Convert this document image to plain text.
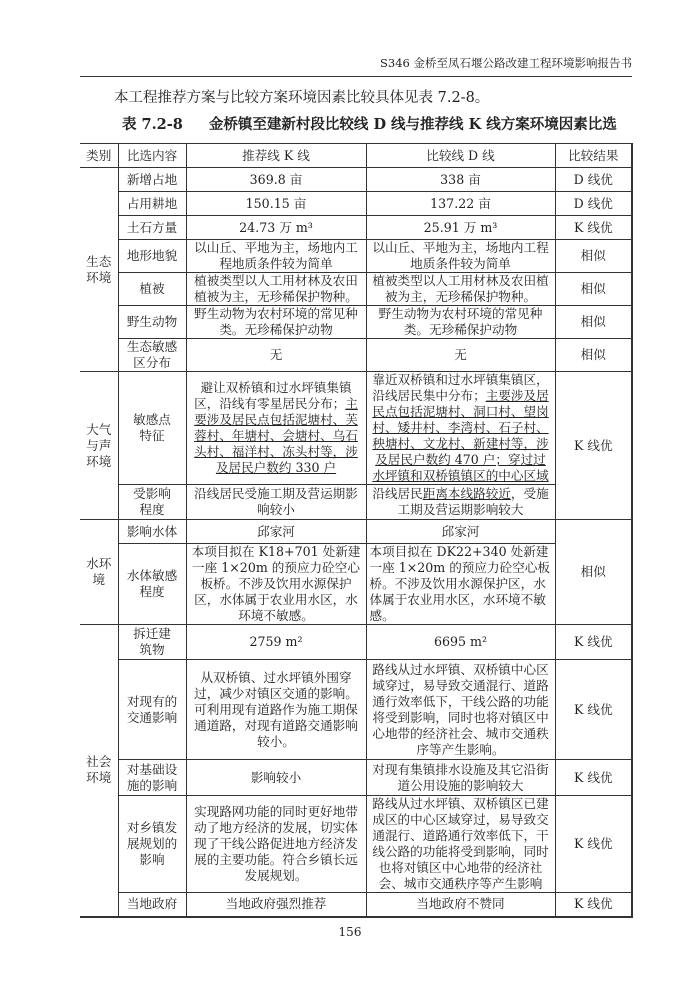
S346 金桥至凤石堰公路改建工程环境影响报告书
本工程推荐方案与比较方案环境因素比较具体见表 7.2-8。
表 7.2-8 金桥镇至建新村段比较线 D 线与推荐线 K 线方案环境因素比选
类别	比选内容	推荐线 K 线	比较线 D 线	比较结果
生态环境	新增占地	369.8 亩	338 亩	D 线优
	占用耕地	150.15 亩	137.22 亩	D 线优
	土石方量	24.73 万 m³	25.91 万 m³	K 线优
	地形地貌	以山丘、平地为主，场地内工程地质条件较为简单	以山丘、平地为主，场地内工程地质条件较为简单	相似
	植被	植被类型以人工用材林及农田植被为主，无珍稀保护物种。	植被类型以人工用材林及农田植被为主，无珍稀保护物种。	相似
	野生动物	野生动物为农村环境的常见种类。无珍稀保护动物	野生动物为农村环境的常见种类。无珍稀保护动物	相似
	生态敏感区分布	无	无	相似
大气与声环境	敏感点特征	避让双桥镇和过水坪镇集镇区，沿线有零星居民分布；主要涉及居民点包括泥塘村、芙蓉村、年塘村、会塘村、乌石头村、福洋村、冻头村等，涉及居民户数约 330 户	靠近双桥镇和过水坪镇集镇区，沿线居民集中分布；主要涉及居民点包括泥塘村、洞口村、望岗村、矮井村、李湾村、石子村、秧塘村、文龙村、新建村等，涉及居民户数约 470 户；穿过过水坪镇和双桥镇镇区的中心区域	K 线优
	受影响程度	沿线居民受施工期及营运期影响较小	沿线居民距离本线路较近，受施工期及营运期影响较大	
水环境	影响水体	邱家河	邱家河	相似
	水体敏感程度	本项目拟在 K18+701 处新建一座 1×20m 的预应力砼空心板桥。不涉及饮用水源保护区，水体属于农业用水区，水环境不敏感。	本项目拟在 DK22+340 处新建一座 1×20m 的预应力砼空心板桥。不涉及饮用水源保护区，水体属于农业用水区，水环境不敏感。	
社会环境	拆迁建筑物	2759 m²	6695 m²	K 线优
	对现有的交通影响	从双桥镇、过水坪镇外围穿过，减少对镇区交通的影响。可利用现有道路作为施工期保通道路，对现有道路交通影响较小。	路线从过水坪镇、双桥镇中心区域穿过，易导致交通混行、道路通行效率低下，干线公路的功能将受到影响，同时也将对镇区中心地带的经济社会、城市交通秩序等产生影响。	K 线优
	对基础设施的影响	影响较小	对现有集镇排水设施及其它沿街道公用设施的影响较大	K 线优
	对乡镇发展规划的影响	实现路网功能的同时更好地带动了地方经济的发展，切实体现了干线公路促进地方经济发展的主要功能。符合乡镇长远发展规划。	路线从过水坪镇、双桥镇区已建成区的中心区域穿过，易导致交通混行、道路通行效率低下，干线公路的功能将受到影响，同时也将对镇区中心地带的经济社会、城市交通秩序等产生影响	K 线优
	当地政府	当地政府强烈推荐	当地政府不赞同	K 线优
156
